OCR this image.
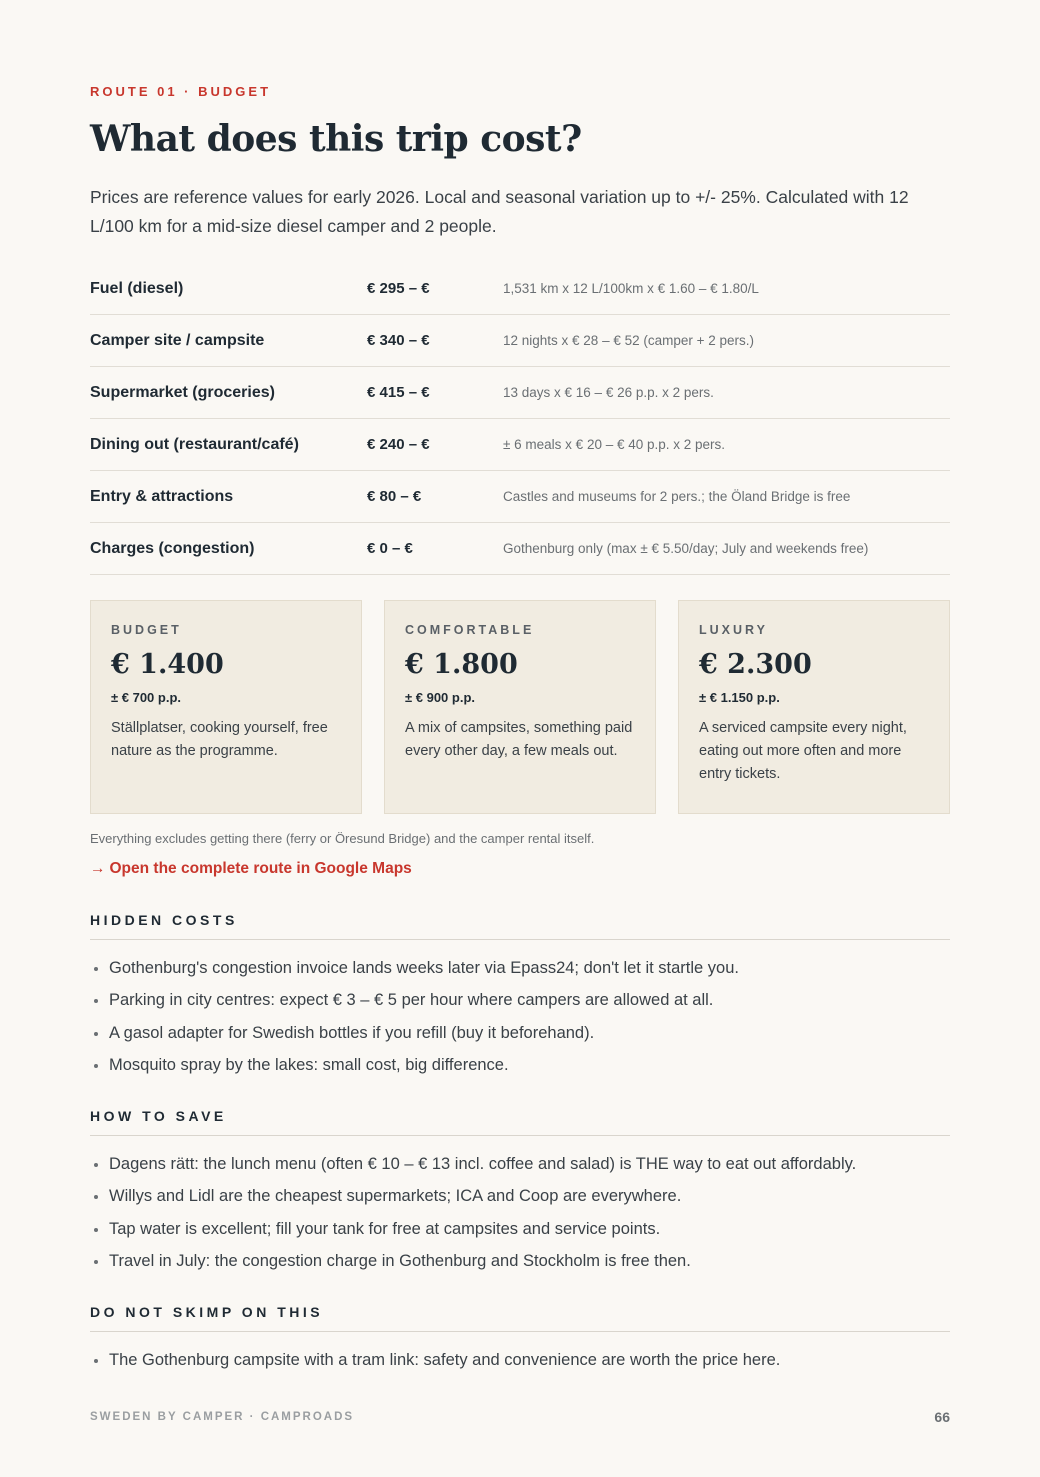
ROUTE 01 · BUDGET
What does this trip cost?

Prices are reference values for early 2026. Local and seasonal variation up to +/- 25%. Calculated with 12 L/100 km for a mid-size diesel camper and 2 people.

Fuel (diesel)	€ 295 – €	1,531 km x 12 L/100km x € 1.60 – € 1.80/L
Camper site / campsite	€ 340 – €	12 nights x € 28 – € 52 (camper + 2 pers.)
Supermarket (groceries)	€ 415 – €	13 days x € 16 – € 26 p.p. x 2 pers.
Dining out (restaurant/café)	€ 240 – €	± 6 meals x € 20 – € 40 p.p. x 2 pers.
Entry & attractions	€ 80 – €	Castles and museums for 2 pers.; the Öland Bridge is free
Charges (congestion)	€ 0 – €	Gothenburg only (max ± € 5.50/day; July and weekends free)
BUDGET
€ 1.400
± € 700 p.p.
Ställplatser, cooking yourself, free nature as the programme.
COMFORTABLE
€ 1.800
± € 900 p.p.
A mix of campsites, something paid every other day, a few meals out.
LUXURY
€ 2.300
± € 1.150 p.p.
A serviced campsite every night, eating out more often and more entry tickets.
Everything excludes getting there (ferry or Öresund Bridge) and the camper rental itself.
→ Open the complete route in Google Maps
HIDDEN COSTS
Gothenburg's congestion invoice lands weeks later via Epass24; don't let it startle you.
Parking in city centres: expect € 3 – € 5 per hour where campers are allowed at all.
A gasol adapter for Swedish bottles if you refill (buy it beforehand).
Mosquito spray by the lakes: small cost, big difference.
HOW TO SAVE
Dagens rätt: the lunch menu (often € 10 – € 13 incl. coffee and salad) is THE way to eat out affordably.
Willys and Lidl are the cheapest supermarkets; ICA and Coop are everywhere.
Tap water is excellent; fill your tank for free at campsites and service points.
Travel in July: the congestion charge in Gothenburg and Stockholm is free then.
DO NOT SKIMP ON THIS
The Gothenburg campsite with a tram link: safety and convenience are worth the price here.
SWEDEN BY CAMPER · CAMPROADS	66
